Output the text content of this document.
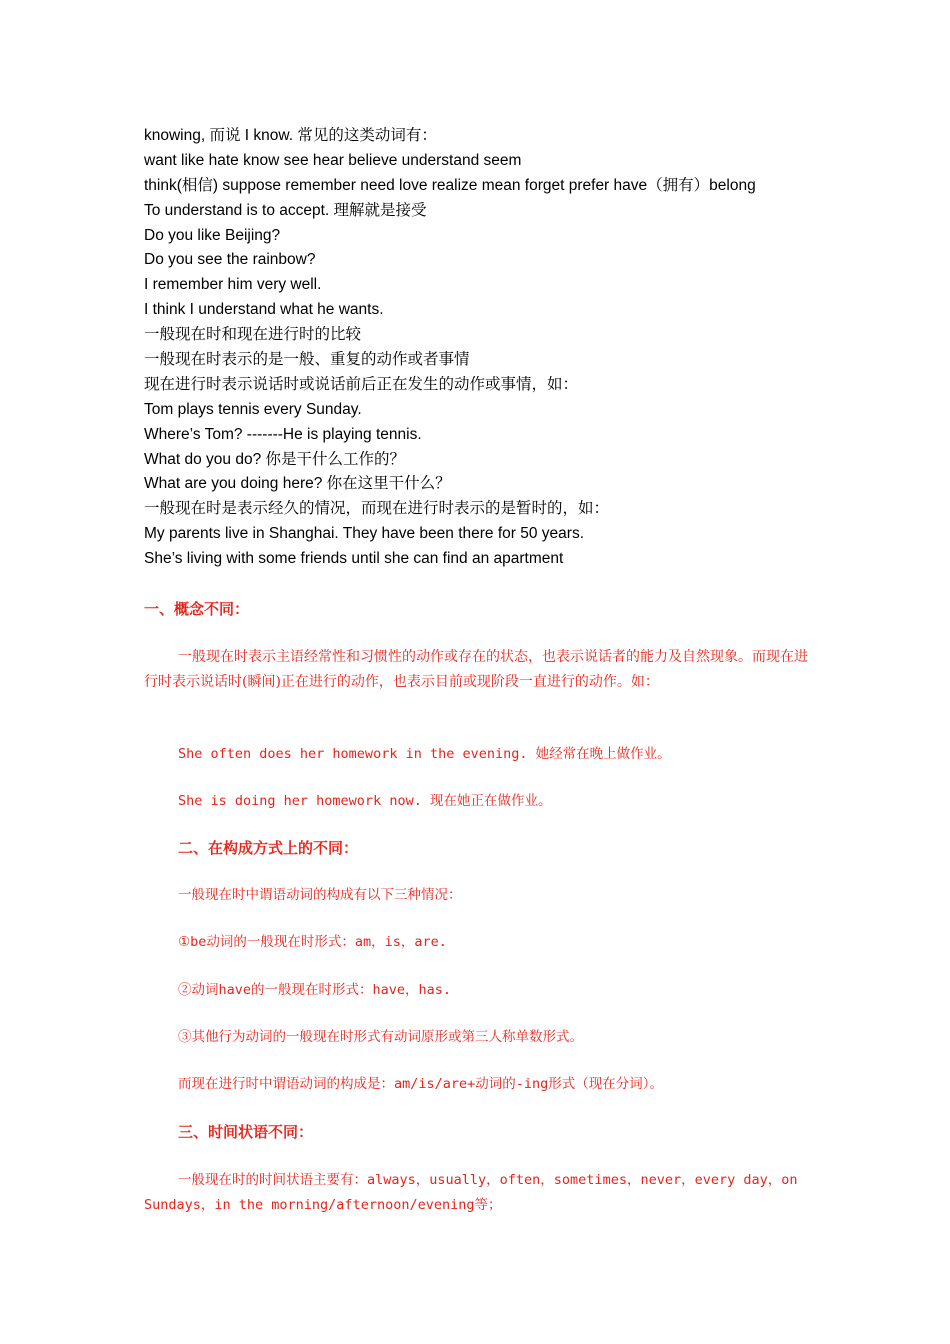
knowing, 而说 I know. 常见的这类动词有：
want like hate know see hear believe understand seem
think(相信) suppose remember need love realize mean forget prefer have（拥有）belong
To understand is to accept. 理解就是接受
Do you like Beijing?
Do you see the rainbow?
I remember him very well.
I think I understand what he wants.
一般现在时和现在进行时的比较
一般现在时表示的是一般、重复的动作或者事情
现在进行时表示说话时或说话前后正在发生的动作或事情，如：
Tom plays tennis every Sunday.
Where’s Tom? -------He is playing tennis.
What do you do? 你是干什么工作的？
What are you doing here? 你在这里干什么？
一般现在时是表示经久的情况，而现在进行时表示的是暂时的，如：
My parents live in Shanghai. They have been there for 50 years.
She’s living with some friends until she can find an apartment
一、概念不同：
一般现在时表示主语经常性和习惯性的动作或存在的状态，也表示说话者的能力及自然现象。而现在进行时表示说话时(瞬间)正在进行的动作，也表示目前或现阶段一直进行的动作。如：
She often does her homework in the evening. 她经常在晚上做作业。
She is doing her homework now. 现在她正在做作业。
二、在构成方式上的不同：
一般现在时中谓语动词的构成有以下三种情况：
①be动词的一般现在时形式：am，is，are.
②动词have的一般现在时形式：have，has.
③其他行为动词的一般现在时形式有动词原形或第三人称单数形式。
而现在进行时中谓语动词的构成是：am/is/are+动词的-ing形式（现在分词）。
三、时间状语不同：
一般现在时的时间状语主要有：always，usually，often，sometimes，never，every day，on Sundays，in the morning/afternoon/evening等；
